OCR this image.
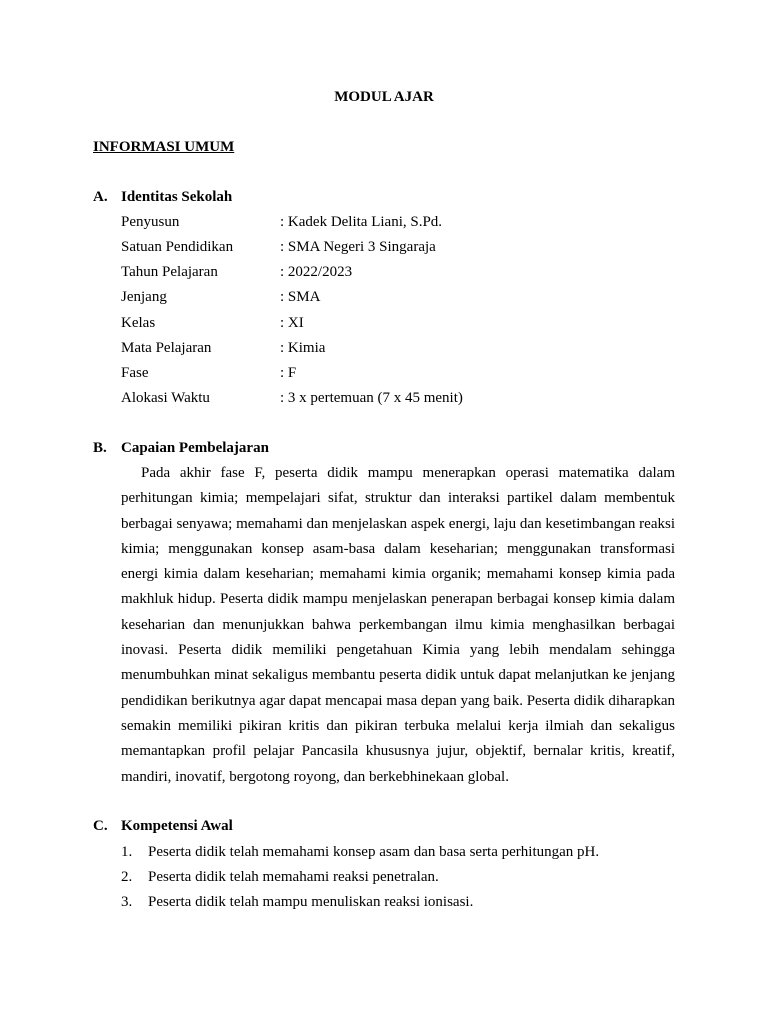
MODUL AJAR
INFORMASI UMUM
A. Identitas Sekolah
Penyusun	: Kadek Delita Liani, S.Pd.
Satuan Pendidikan	: SMA Negeri 3 Singaraja
Tahun Pelajaran	: 2022/2023
Jenjang	: SMA
Kelas	: XI
Mata Pelajaran	: Kimia
Fase	: F
Alokasi Waktu	: 3 x pertemuan (7 x 45 menit)
B. Capaian Pembelajaran

Pada akhir fase F, peserta didik mampu menerapkan operasi matematika dalam perhitungan kimia; mempelajari sifat, struktur dan interaksi partikel dalam membentuk berbagai senyawa; memahami dan menjelaskan aspek energi, laju dan kesetimbangan reaksi kimia; menggunakan konsep asam-basa dalam keseharian; menggunakan transformasi energi kimia dalam keseharian; memahami kimia organik; memahami konsep kimia pada makhluk hidup. Peserta didik mampu menjelaskan penerapan berbagai konsep kimia dalam keseharian dan menunjukkan bahwa perkembangan ilmu kimia menghasilkan berbagai inovasi. Peserta didik memiliki pengetahuan Kimia yang lebih mendalam sehingga menumbuhkan minat sekaligus membantu peserta didik untuk dapat melanjutkan ke jenjang pendidikan berikutnya agar dapat mencapai masa depan yang baik. Peserta didik diharapkan semakin memiliki pikiran kritis dan pikiran terbuka melalui kerja ilmiah dan sekaligus memantapkan profil pelajar Pancasila khususnya jujur, objektif, bernalar kritis, kreatif, mandiri, inovatif, bergotong royong, dan berkebhinekaan global.

C. Kompetensi Awal
1. Peserta didik telah memahami konsep asam dan basa serta perhitungan pH.
2. Peserta didik telah memahami reaksi penetralan.
3. Peserta didik telah mampu menuliskan reaksi ionisasi.
